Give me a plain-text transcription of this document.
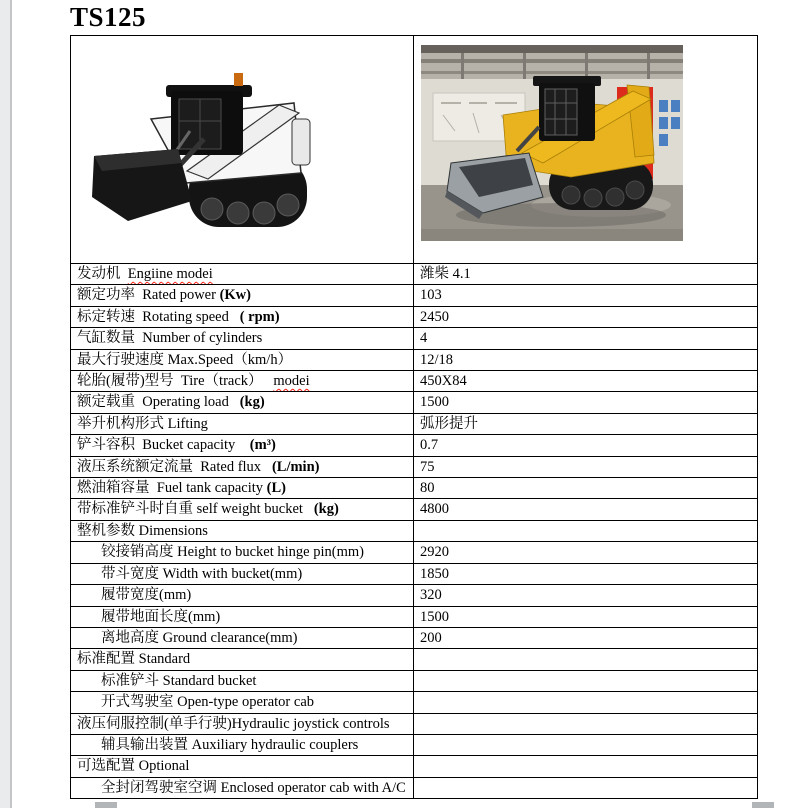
TS125

发动机  Engiine modei	潍柴 4.1
额定功率  Rated power (Kw)	103
标定转速  Rotating speed   ( rpm)	2450
气缸数量  Number of cylinders	4
最大行驶速度 Max.Speed（km/h）	12/18
轮胎(履带)型号  Tire（track）   modei	450X84
额定载重  Operating load   (kg)	1500
举升机构形式 Lifting	弧形提升
铲斗容积  Bucket capacity    (m³)	0.7
液压系统额定流量  Rated flux   (L/min)	75
燃油箱容量  Fuel tank capacity (L)	80
带标准铲斗时自重 self weight bucket   (kg)	4800
整机参数 Dimensions	
铰接销高度 Height to bucket hinge pin(mm)	2920
带斗宽度 Width with bucket(mm)	1850
履带宽度(mm)	320
履带地面长度(mm)	1500
离地高度 Ground clearance(mm)	200
标准配置 Standard	
标准铲斗 Standard bucket	
开式驾驶室 Open-type operator cab	
液压伺服控制(单手行驶)Hydraulic joystick controls	
辅具输出装置 Auxiliary hydraulic couplers	
可选配置 Optional	
全封闭驾驶室空调 Enclosed operator cab with A/C	
